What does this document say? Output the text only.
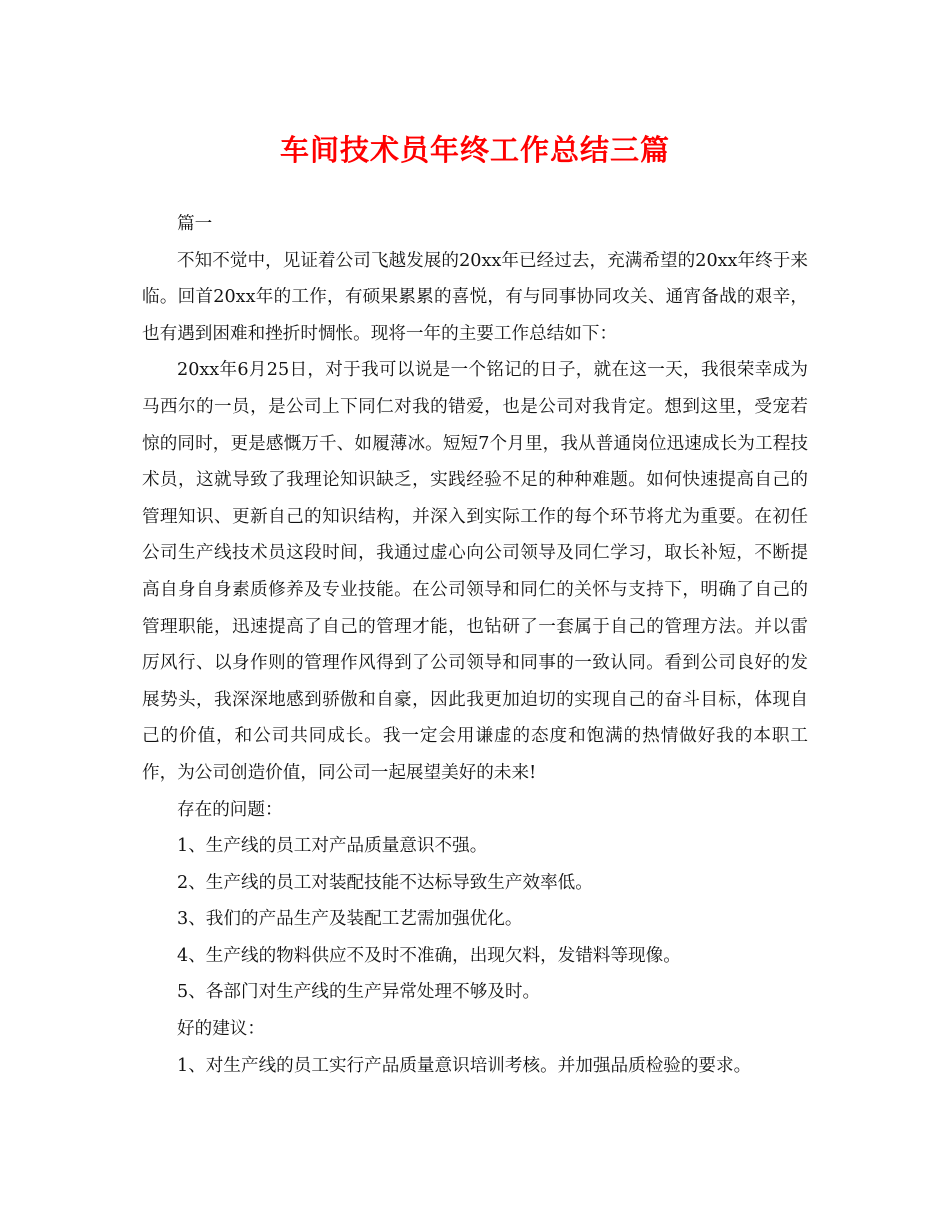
车间技术员年终工作总结三篇

篇一

不知不觉中，见证着公司飞越发展的20xx年已经过去，充满希望的20xx年终于来临。回首20xx年的工作，有硕果累累的喜悦，有与同事协同攻关、通宵备战的艰辛，也有遇到困难和挫折时惆怅。现将一年的主要工作总结如下：

20xx年6月25日，对于我可以说是一个铭记的日子，就在这一天，我很荣幸成为马西尔的一员，是公司上下同仁对我的错爱，也是公司对我肯定。想到这里，受宠若惊的同时，更是感慨万千、如履薄冰。短短7个月里，我从普通岗位迅速成长为工程技术员，这就导致了我理论知识缺乏，实践经验不足的种种难题。如何快速提高自己的管理知识、更新自己的知识结构，并深入到实际工作的每个环节将尤为重要。在初任公司生产线技术员这段时间，我通过虚心向公司领导及同仁学习，取长补短，不断提高自身自身素质修养及专业技能。在公司领导和同仁的关怀与支持下，明确了自己的管理职能，迅速提高了自己的管理才能，也钻研了一套属于自己的管理方法。并以雷厉风行、以身作则的管理作风得到了公司领导和同事的一致认同。看到公司良好的发展势头，我深深地感到骄傲和自豪，因此我更加迫切的实现自己的奋斗目标，体现自己的价值，和公司共同成长。我一定会用谦虚的态度和饱满的热情做好我的本职工作，为公司创造价值，同公司一起展望美好的未来!

存在的问题：

1、生产线的员工对产品质量意识不强。

2、生产线的员工对装配技能不达标导致生产效率低。

3、我们的产品生产及装配工艺需加强优化。

4、生产线的物料供应不及时不准确，出现欠料，发错料等现像。

5、各部门对生产线的生产异常处理不够及时。

好的建议：

1、对生产线的员工实行产品质量意识培训考核。并加强品质检验的要求。
